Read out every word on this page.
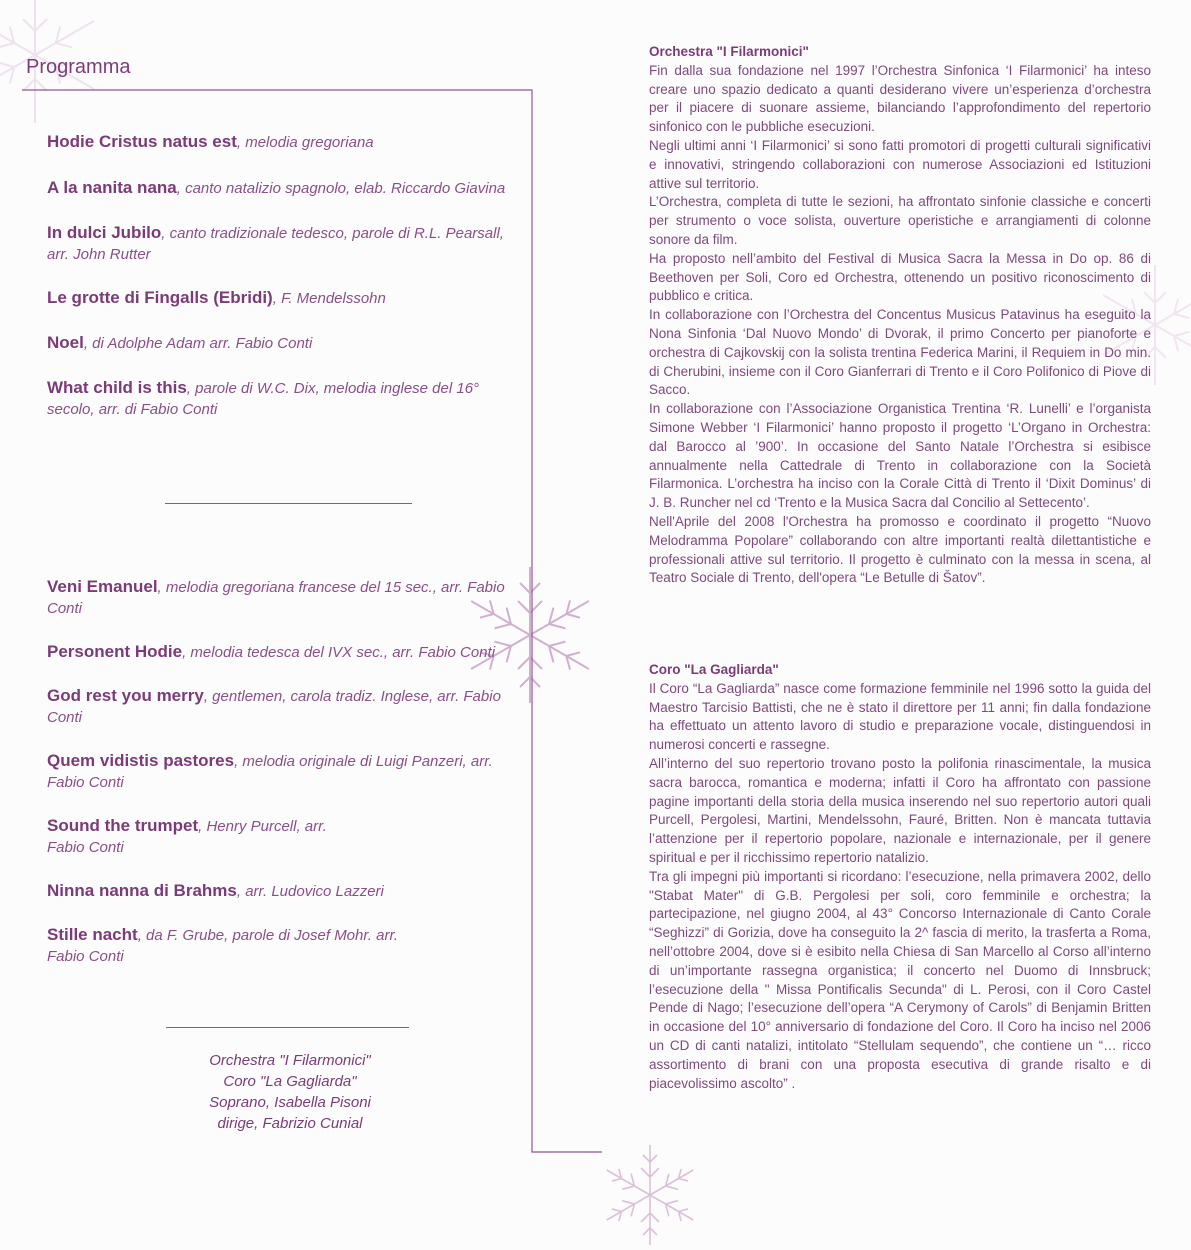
Programma

Hodie Cristus natus est, melodia gregoriana

A la nanita nana, canto natalizio spagnolo, elab. Riccardo Giavina

In dulci Jubilo, canto tradizionale tedesco, parole di R.L. Pearsall, arr. John Rutter

Le grotte di Fingalls (Ebridi), F. Mendelssohn

Noel, di Adolphe Adam arr. Fabio Conti

What child is this, parole di W.C. Dix, melodia inglese del 16° secolo, arr. di Fabio Conti

Veni Emanuel, melodia gregoriana francese del 15 sec., arr. Fabio Conti

Personent Hodie, melodia tedesca del IVX sec., arr. Fabio Conti

God rest you merry, gentlemen, carola tradiz. Inglese, arr. Fabio Conti

Quem vidistis pastores, melodia originale di Luigi Panzeri, arr. Fabio Conti

Sound the trumpet, Henry Purcell, arr. Fabio Conti

Ninna nanna di Brahms, arr. Ludovico Lazzeri

Stille nacht, da F. Grube, parole di Josef Mohr. arr. Fabio Conti

Orchestra "I Filarmonici"
Coro "La Gagliarda"
Soprano, Isabella Pisoni
dirige, Fabrizio Cunial
Orchestra "I Filarmonici"

Fin dalla sua fondazione nel 1997 l’Orchestra Sinfonica ‘I Filarmonici’ ha inteso creare uno spazio dedicato a quanti desiderano vivere un’esperienza d’orchestra per il piacere di suonare assieme, bilanciando l’approfondimento del repertorio sinfonico con le pubbliche esecuzioni.

Negli ultimi anni ‘I Filarmonici’ si sono fatti promotori di progetti culturali significativi e innovativi, stringendo collaborazioni con numerose Associazioni ed Istituzioni attive sul territorio.

L’Orchestra, completa di tutte le sezioni, ha affrontato sinfonie classiche e concerti per strumento o voce solista, ouverture operistiche e arrangiamenti di colonne sonore da film.

Ha proposto nell’ambito del Festival di Musica Sacra la Messa in Do op. 86 di Beethoven per Soli, Coro ed Orchestra, ottenendo un positivo riconoscimento di pubblico e critica.

In collaborazione con l’Orchestra del Concentus Musicus Patavinus ha eseguito la Nona Sinfonia ‘Dal Nuovo Mondo’ di Dvorak, il primo Concerto per pianoforte e orchestra di Cajkovskij con la solista trentina Federica Marini, il Requiem in Do min. di Cherubini, insieme con il Coro Gianferrari di Trento e il Coro Polifonico di Piove di Sacco.

In collaborazione con l’Associazione Organistica Trentina ‘R. Lunelli’ e l’organista Simone Webber ‘I Filarmonici’ hanno proposto il progetto ‘L’Organo in Orchestra: dal Barocco al ’900’. In occasione del Santo Natale l’Orchestra si esibisce annualmente nella Cattedrale di Trento in collaborazione con la Società Filarmonica. L’orchestra ha inciso con la Corale Città di Trento il ‘Dixit Dominus’ di J. B. Runcher nel cd ‘Trento e la Musica Sacra dal Concilio al Settecento’.

Nell'Aprile del 2008 l'Orchestra ha promosso e coordinato il progetto “Nuovo Melodramma Popolare” collaborando con altre importanti realtà dilettantistiche e professionali attive sul territorio. Il progetto è culminato con la messa in scena, al Teatro Sociale di Trento, dell'opera “Le Betulle di Šatov”.

Coro "La Gagliarda"

Il Coro “La Gagliarda” nasce come formazione femminile nel 1996 sotto la guida del Maestro Tarcisio Battisti, che ne è stato il direttore per 11 anni; fin dalla fondazione ha effettuato un attento lavoro di studio e preparazione vocale, distinguendosi in numerosi concerti e rassegne.

All’interno del suo repertorio trovano posto la polifonia rinascimentale, la musica sacra barocca, romantica e moderna; infatti il Coro ha affrontato con passione pagine importanti della storia della musica inserendo nel suo repertorio autori quali Purcell, Pergolesi, Martini, Mendelssohn, Fauré, Britten. Non è mancata tuttavia l’attenzione per il repertorio popolare, nazionale e internazionale, per il genere spiritual e per il ricchissimo repertorio natalizio.

Tra gli impegni più importanti si ricordano: l’esecuzione, nella primavera 2002, dello "Stabat Mater" di G.B. Pergolesi per soli, coro femminile e orchestra; la partecipazione, nel giugno 2004, al 43° Concorso Internazionale di Canto Corale “Seghizzi” di Gorizia, dove ha conseguito la 2^ fascia di merito, la trasferta a Roma, nell’ottobre 2004, dove si è esibito nella Chiesa di San Marcello al Corso all’interno di un’importante rassegna organistica; il concerto nel Duomo di Innsbruck; l’esecuzione della " Missa Pontificalis Secunda" di L. Perosi, con il Coro Castel Pende di Nago; l’esecuzione dell’opera “A Cerymony of Carols” di Benjamin Britten in occasione del 10° anniversario di fondazione del Coro. Il Coro ha inciso nel 2006 un CD di canti natalizi, intitolato “Stellulam sequendo”, che contiene un “… ricco assortimento di brani con una proposta esecutiva di grande risalto e di piacevolissimo ascolto” .
